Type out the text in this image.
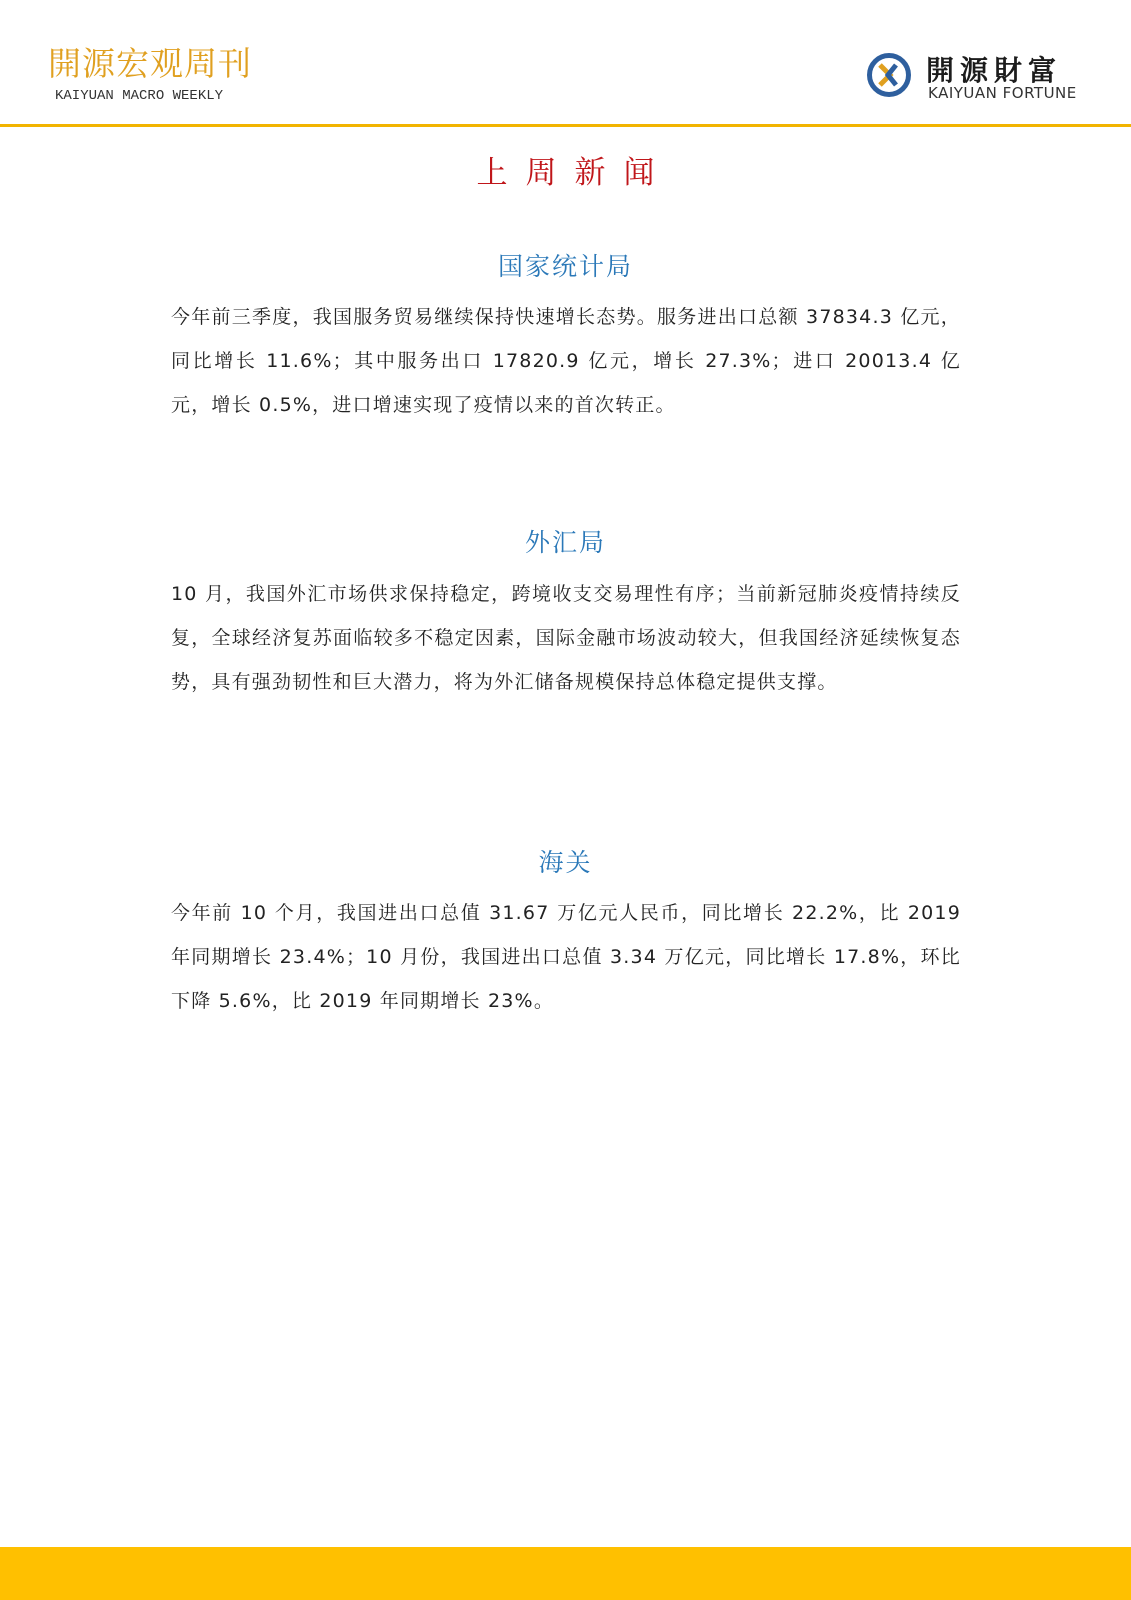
開源宏观周刊
KAIYUAN MACRO WEEKLY
開源財富
KAIYUAN FORTUNE
上周新闻
国家统计局

今年前三季度，我国服务贸易继续保持快速增长态势。服务进出口总额 37834.3 亿元，同比增长 11.6%；其中服务出口 17820.9 亿元，增长 27.3%；进口 20013.4 亿元，增长 0.5%，进口增速实现了疫情以来的首次转正。

外汇局

10 月，我国外汇市场供求保持稳定，跨境收支交易理性有序；当前新冠肺炎疫情持续反复，全球经济复苏面临较多不稳定因素，国际金融市场波动较大，但我国经济延续恢复态势，具有强劲韧性和巨大潜力，将为外汇储备规模保持总体稳定提供支撑。

海关

今年前 10 个月，我国进出口总值 31.67 万亿元人民币，同比增长 22.2%，比 2019 年同期增长 23.4%；10 月份，我国进出口总值 3.34 万亿元，同比增长 17.8%，环比下降 5.6%，比 2019 年同期增长 23%。
